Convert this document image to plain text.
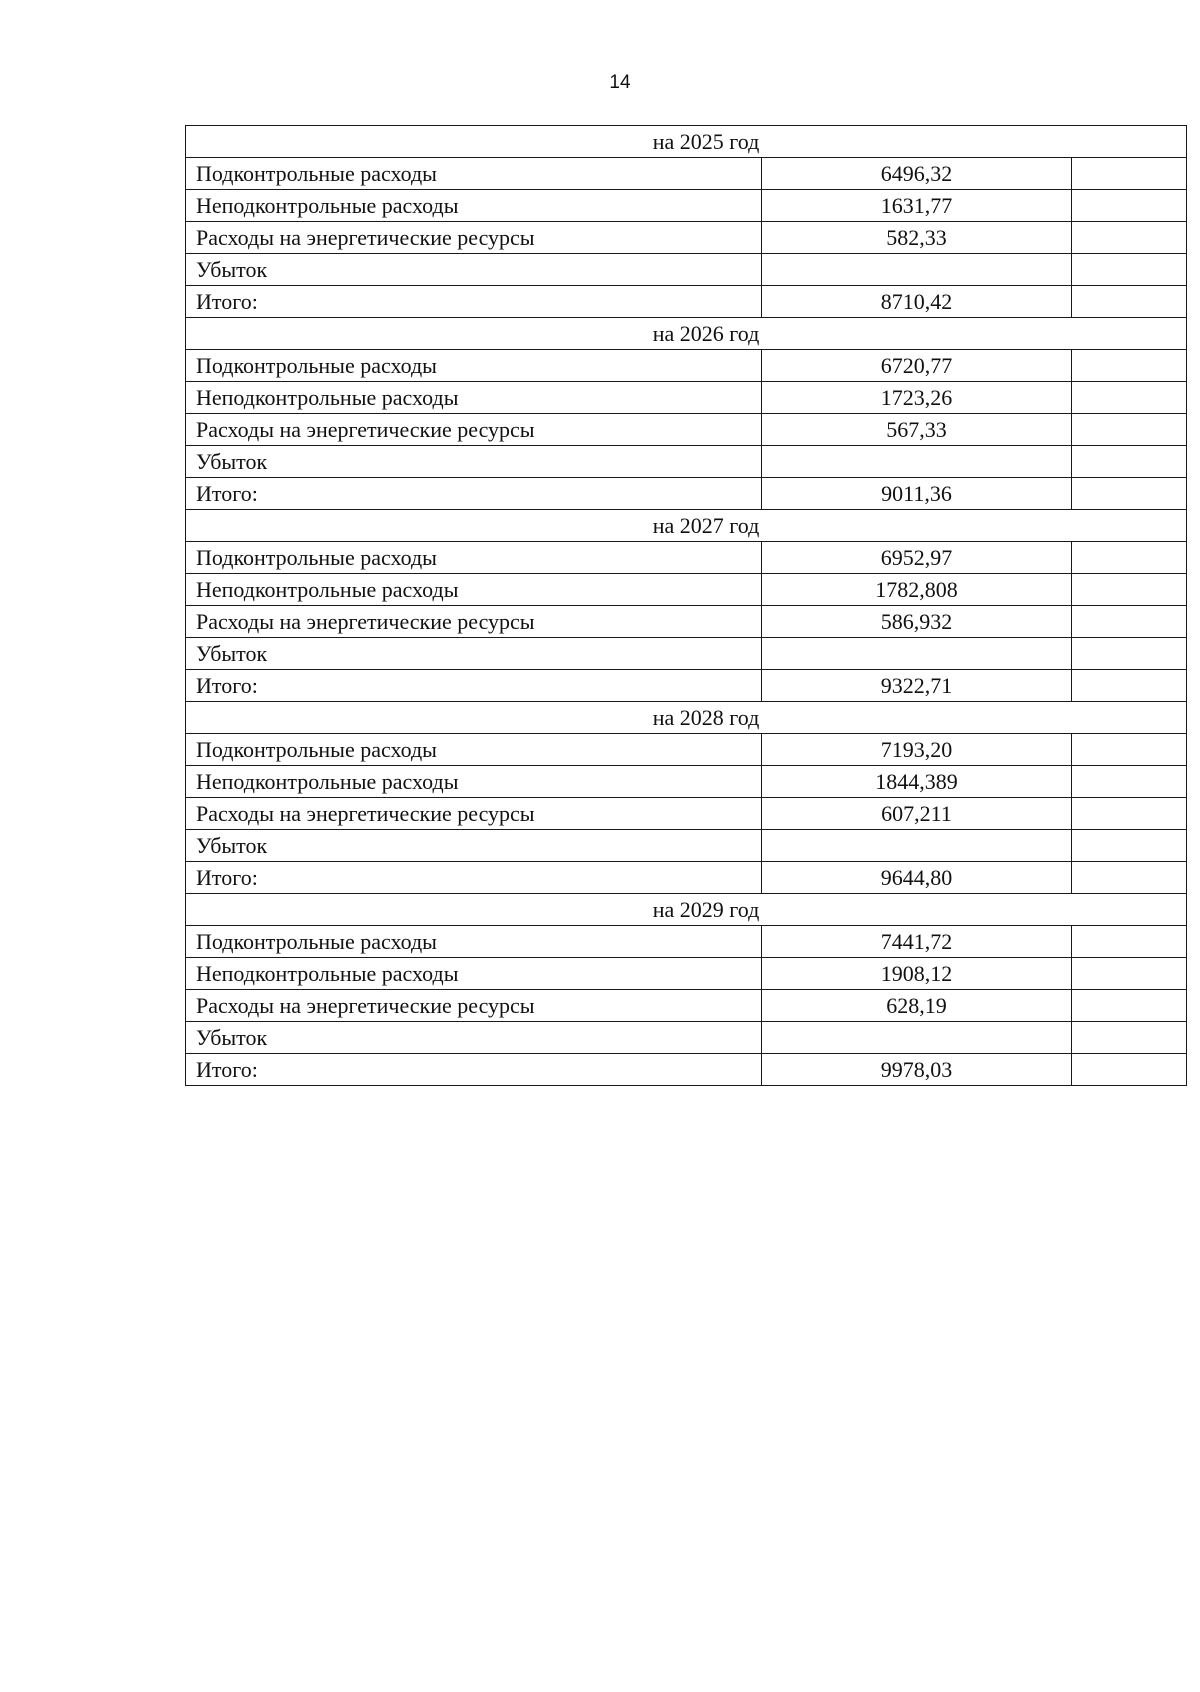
14
на 2025 год		
Подконтрольные расходы	6496,32	
Неподконтрольные расходы	1631,77	
Расходы на энергетические ресурсы	582,33	
Убыток		
Итого:	8710,42	
на 2026 год		
Подконтрольные расходы	6720,77	
Неподконтрольные расходы	1723,26	
Расходы на энергетические ресурсы	567,33	
Убыток		
Итого:	9011,36	
на 2027 год		
Подконтрольные расходы	6952,97	
Неподконтрольные расходы	1782,808	
Расходы на энергетические ресурсы	586,932	
Убыток		
Итого:	9322,71	
на 2028 год		
Подконтрольные расходы	7193,20	
Неподконтрольные расходы	1844,389	
Расходы на энергетические ресурсы	607,211	
Убыток		
Итого:	9644,80	
на 2029 год		
Подконтрольные расходы	7441,72	
Неподконтрольные расходы	1908,12	
Расходы на энергетические ресурсы	628,19	
Убыток		
Итого:	9978,03	
